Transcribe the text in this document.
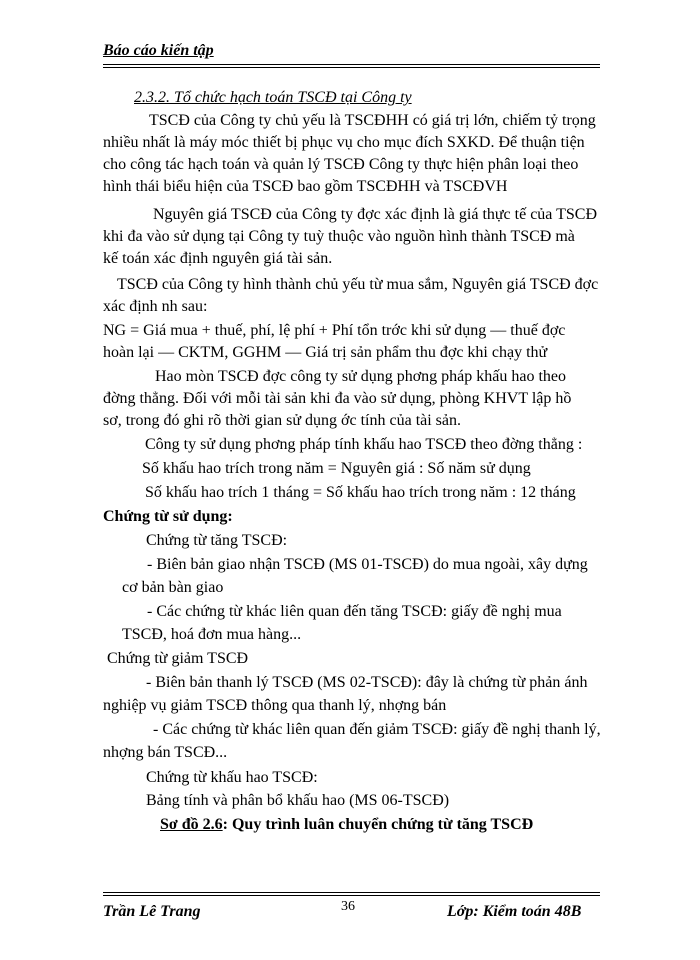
Báo cáo kiến tập
2.3.2. Tổ chức hạch toán TSCĐ tại Công ty
TSCĐ của Công ty chủ yếu là TSCĐHH có giá trị lớn, chiếm tỷ trọng
nhiều nhất là máy móc thiết bị phục vụ cho mục đích SXKD. Để thuận tiện
cho công tác hạch toán và quản lý TSCĐ Công ty thực hiện phân loại theo
hình thái biểu hiện của TSCĐ bao gồm TSCĐHH và TSCĐVH
Nguyên giá TSCĐ của Công ty đợc xác định là giá thực tế của TSCĐ
khi đa vào sử dụng tại Công ty tuỳ thuộc vào nguồn hình thành TSCĐ mà
kế toán xác định nguyên giá tài sản.
TSCĐ của Công ty hình thành chủ yếu từ mua sắm, Nguyên giá TSCĐ đợc
xác định nh sau:
NG = Giá mua + thuế, phí, lệ phí + Phí tổn trớc khi sử dụng — thuế đợc
hoàn lại — CKTM, GGHM — Giá trị sản phẩm thu đợc khi chạy thử
Hao mòn TSCĐ đợc công ty sử dụng phơng pháp khấu hao theo
đờng thẳng. Đối với mỗi tài sản khi đa vào sử dụng, phòng KHVT lập hồ
sơ, trong đó ghi rõ thời gian sử dụng ớc tính của tài sản.
Công ty sử dụng phơng pháp tính khấu hao TSCĐ theo đờng thẳng :
Số khấu hao trích trong năm = Nguyên giá : Số năm sử dụng
Số khấu hao trích 1 tháng = Số khấu hao trích trong năm : 12 tháng
Chứng từ sử dụng:
Chứng từ tăng TSCĐ:
- Biên bản giao nhận TSCĐ (MS 01-TSCĐ) do mua ngoài, xây dựng
cơ bản bàn giao
- Các chứng từ khác liên quan đến tăng TSCĐ: giấy đề nghị mua
TSCĐ, hoá đơn mua hàng...
Chứng từ giảm TSCĐ
- Biên bản thanh lý TSCĐ (MS 02-TSCĐ): đây là chứng từ phản ánh
nghiệp vụ giảm TSCĐ thông qua thanh lý, nhợng bán
- Các chứng từ khác liên quan đến giảm TSCĐ: giấy đề nghị thanh lý,
nhợng bán TSCĐ...
Chứng từ khấu hao TSCĐ:
Bảng tính và phân bổ khấu hao (MS 06-TSCĐ)
Sơ đồ 2.6: Quy trình luân chuyển chứng từ tăng TSCĐ
Trần Lê Trang	36	Lớp: Kiểm toán 48B
